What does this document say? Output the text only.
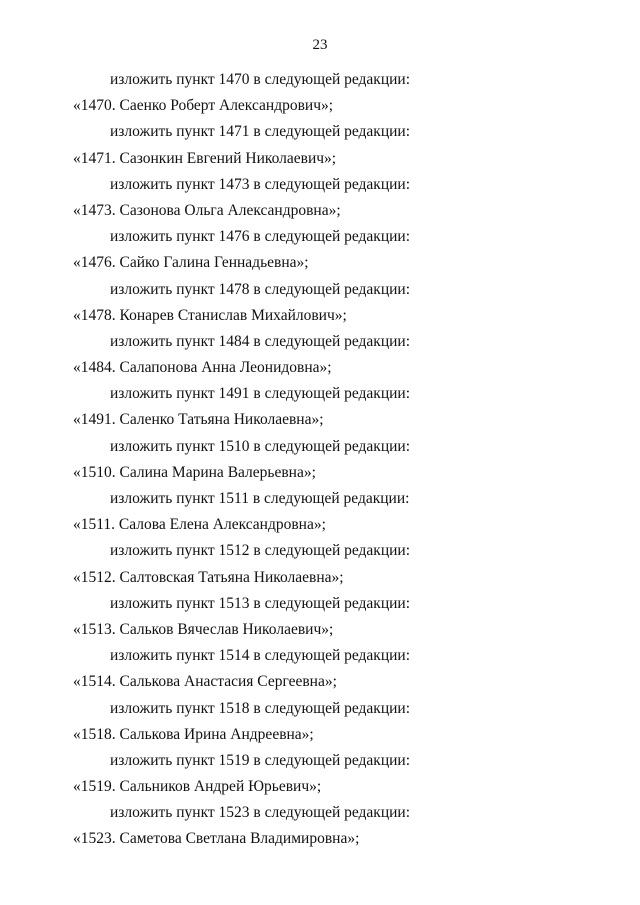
23
изложить пункт 1470 в следующей редакции:
«1470. Саенко Роберт Александрович»;
изложить пункт 1471 в следующей редакции:
«1471. Сазонкин Евгений Николаевич»;
изложить пункт 1473 в следующей редакции:
«1473. Сазонова Ольга Александровна»;
изложить пункт 1476 в следующей редакции:
«1476. Сайко Галина Геннадьевна»;
изложить пункт 1478 в следующей редакции:
«1478. Конарев Станислав Михайлович»;
изложить пункт 1484 в следующей редакции:
«1484. Салапонова Анна Леонидовна»;
изложить пункт 1491 в следующей редакции:
«1491. Саленко Татьяна Николаевна»;
изложить пункт 1510 в следующей редакции:
«1510. Салина Марина Валерьевна»;
изложить пункт 1511 в следующей редакции:
«1511. Салова Елена Александровна»;
изложить пункт 1512 в следующей редакции:
«1512. Салтовская Татьяна Николаевна»;
изложить пункт 1513 в следующей редакции:
«1513. Сальков Вячеслав Николаевич»;
изложить пункт 1514 в следующей редакции:
«1514. Салькова Анастасия Сергеевна»;
изложить пункт 1518 в следующей редакции:
«1518. Салькова Ирина Андреевна»;
изложить пункт 1519 в следующей редакции:
«1519. Сальников Андрей Юрьевич»;
изложить пункт 1523 в следующей редакции:
«1523. Саметова Светлана Владимировна»;
